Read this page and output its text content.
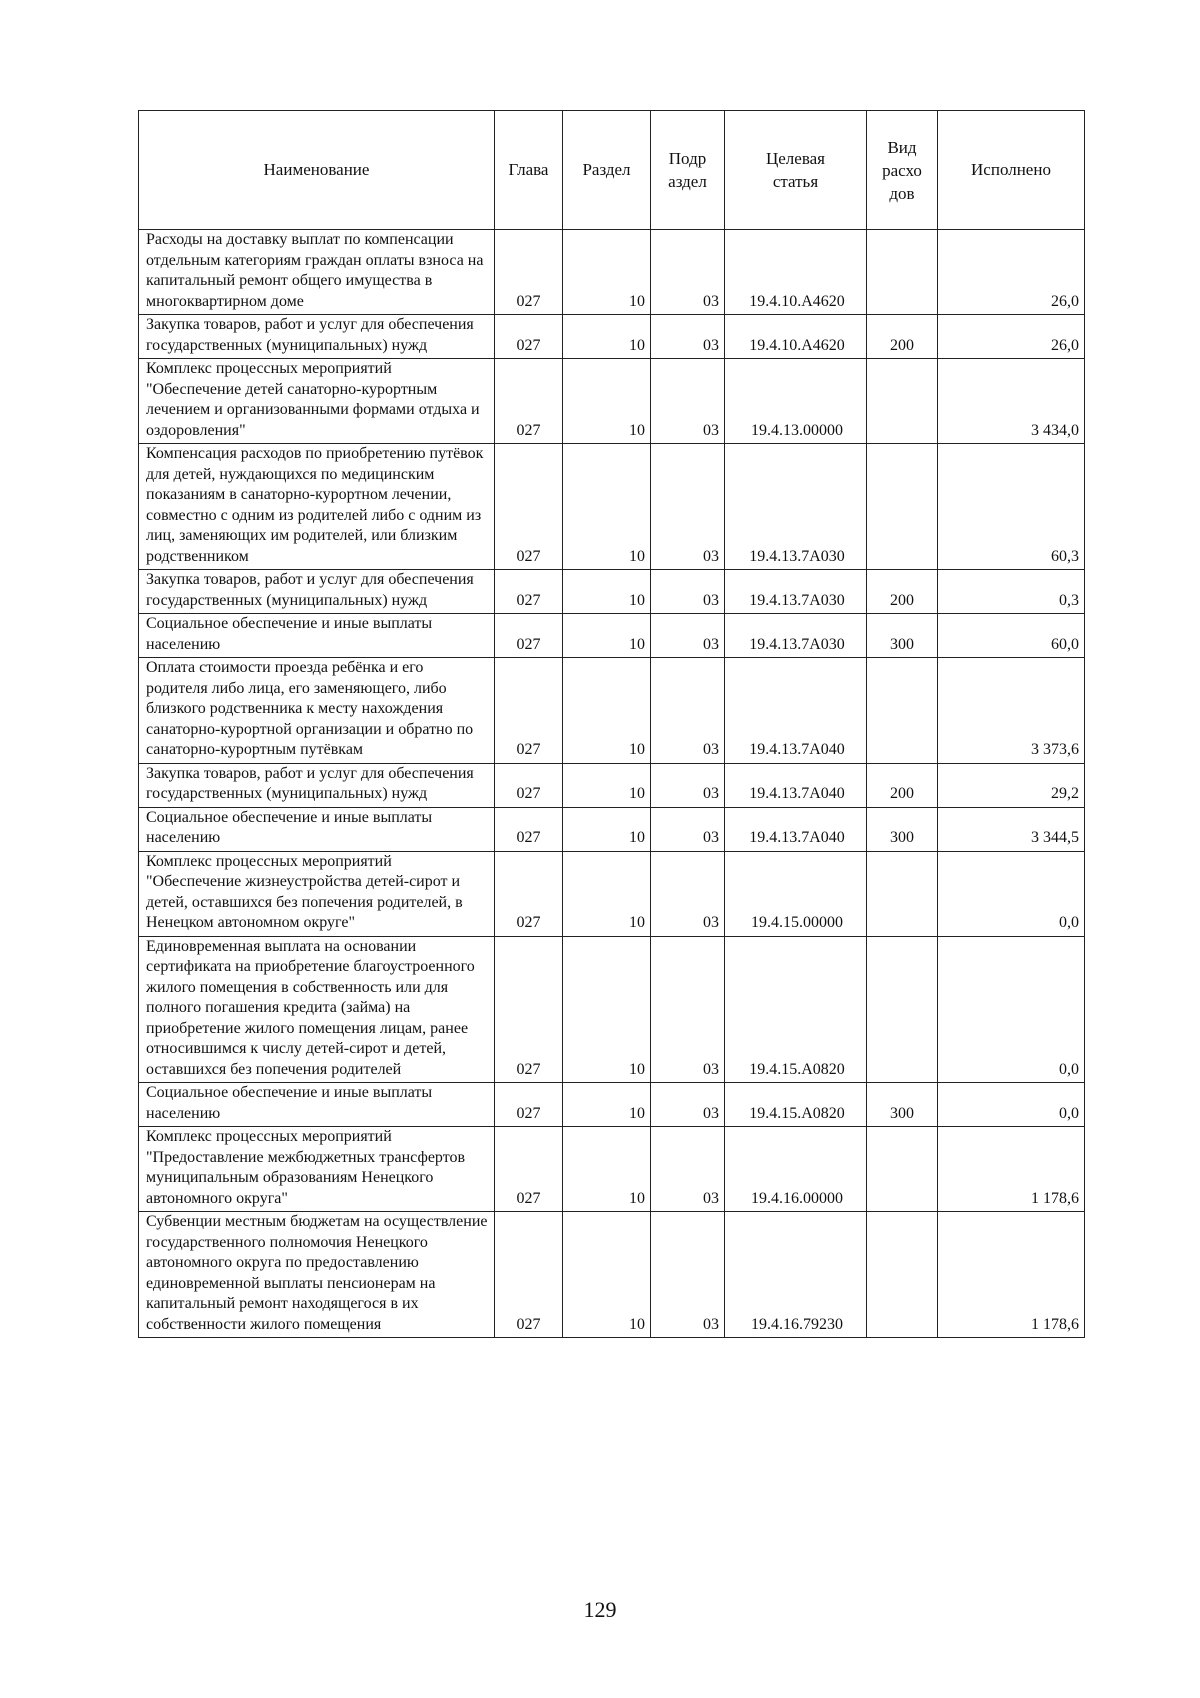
Наименование	Глава	Раздел	Подр аздел	Целевая статья	Вид расхо дов	Исполнено
Расходы на доставку выплат по компенсации отдельным категориям граждан оплаты взноса на капитальный ремонт общего имущества в многоквартирном доме	027	10	03	19.4.10.А4620		26,0
Закупка товаров, работ и услуг для обеспечения государственных (муниципальных) нужд	027	10	03	19.4.10.А4620	200	26,0
Комплекс процессных мероприятий "Обеспечение детей санаторно-курортным лечением и организованными формами отдыха и оздоровления"	027	10	03	19.4.13.00000		3 434,0
Компенсация расходов по приобретению путёвок для детей, нуждающихся по медицинским показаниям в санаторно-курортном лечении, совместно с одним из родителей либо с одним из лиц, заменяющих им родителей, или близким родственником	027	10	03	19.4.13.7А030		60,3
Закупка товаров, работ и услуг для обеспечения государственных (муниципальных) нужд	027	10	03	19.4.13.7А030	200	0,3
Социальное обеспечение и иные выплаты населению	027	10	03	19.4.13.7А030	300	60,0
Оплата стоимости проезда ребёнка и его родителя либо лица, его заменяющего, либо близкого родственника к месту нахождения санаторно-курортной организации и обратно по санаторно-курортным путёвкам	027	10	03	19.4.13.7А040		3 373,6
Закупка товаров, работ и услуг для обеспечения государственных (муниципальных) нужд	027	10	03	19.4.13.7А040	200	29,2
Социальное обеспечение и иные выплаты населению	027	10	03	19.4.13.7А040	300	3 344,5
Комплекс процессных мероприятий "Обеспечение жизнеустройства детей-сирот и детей, оставшихся без попечения родителей, в Ненецком автономном округе"	027	10	03	19.4.15.00000		0,0
Единовременная выплата на основании сертификата на приобретение благоустроенного жилого помещения в собственность или для полного погашения кредита (займа) на приобретение жилого помещения лицам, ранее относившимся к числу детей-сирот и детей, оставшихся без попечения родителей	027	10	03	19.4.15.А0820		0,0
Социальное обеспечение и иные выплаты населению	027	10	03	19.4.15.А0820	300	0,0
Комплекс процессных мероприятий "Предоставление межбюджетных трансфертов муниципальным образованиям Ненецкого автономного округа"	027	10	03	19.4.16.00000		1 178,6
Субвенции местным бюджетам на осуществление государственного полномочия Ненецкого автономного округа по предоставлению единовременной выплаты пенсионерам на капитальный ремонт находящегося в их собственности жилого помещения	027	10	03	19.4.16.79230		1 178,6
129
